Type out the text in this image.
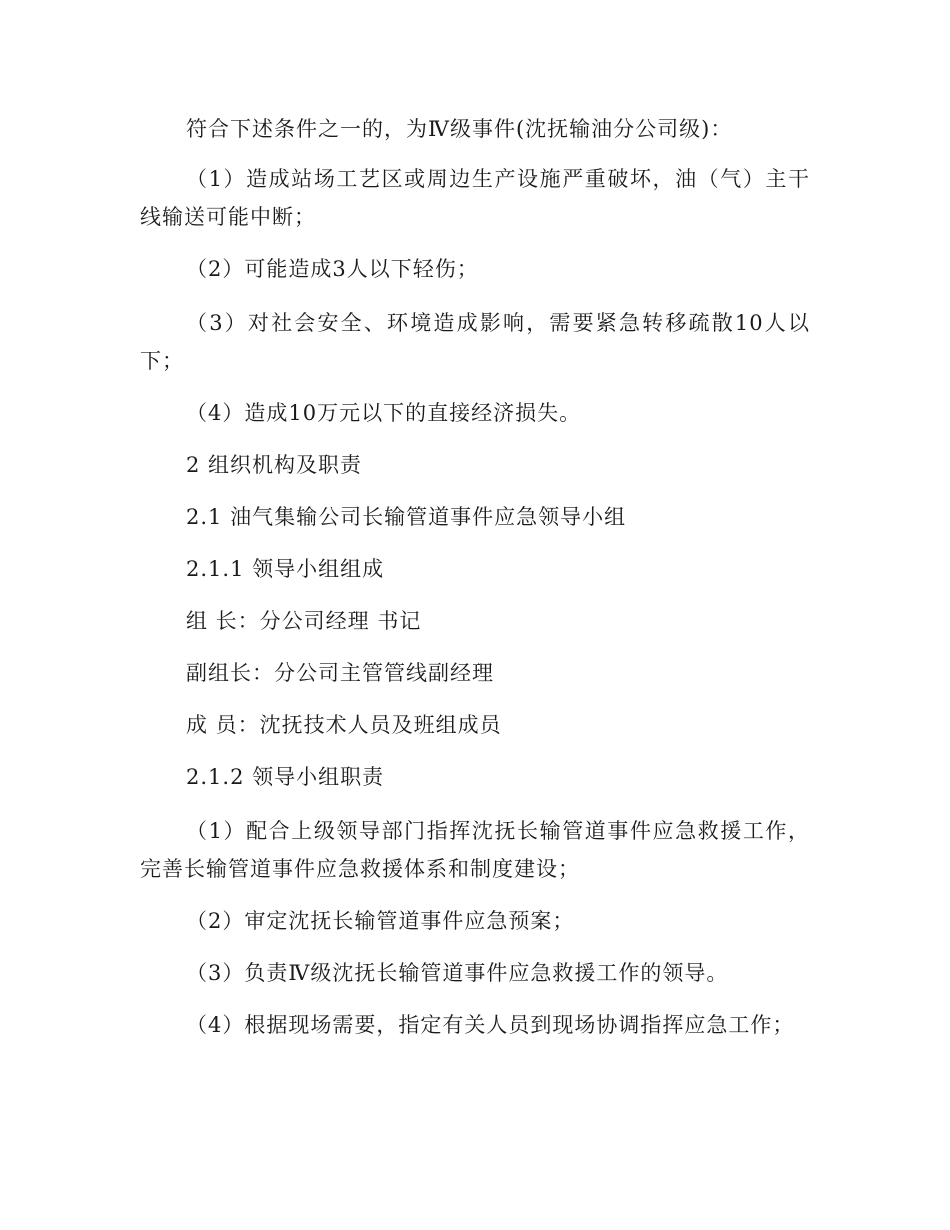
符合下述条件之一的，为Ⅳ级事件(沈抚输油分公司级)：
（1）造成站场工艺区或周边生产设施严重破坏，油（气）主干线输送可能中断；
（2）可能造成3人以下轻伤；
（3）对社会安全、环境造成影响，需要紧急转移疏散10人以下；
（4）造成10万元以下的直接经济损失。
2 组织机构及职责
2.1 油气集输公司长输管道事件应急领导小组
2.1.1 领导小组组成
组 长：分公司经理 书记
副组长：分公司主管管线副经理
成 员：沈抚技术人员及班组成员
2.1.2 领导小组职责
（1）配合上级领导部门指挥沈抚长输管道事件应急救援工作，完善长输管道事件应急救援体系和制度建设；
（2）审定沈抚长输管道事件应急预案；
（3）负责Ⅳ级沈抚长输管道事件应急救援工作的领导。
（4）根据现场需要，指定有关人员到现场协调指挥应急工作；
